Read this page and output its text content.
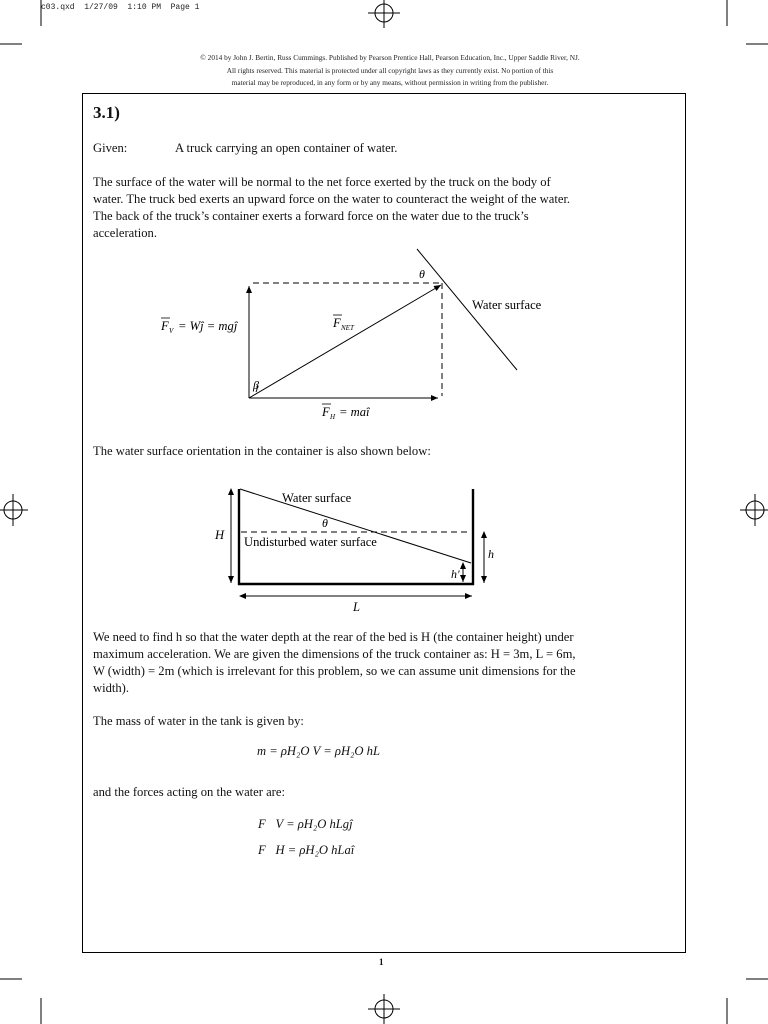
c03.qxd  1/27/09  1:10 PM  Page 1
© 2014 by John J. Bertin, Russ Cummings. Published by Pearson Prentice Hall, Pearson Education, Inc., Upper Saddle River, NJ.
All rights reserved. This material is protected under all copyright laws as they currently exist. No portion of this
material may be reproduced, in any form or by any means, without permission in writing from the publisher.
3.1)
Given:	A truck carrying an open container of water.
The surface of the water will be normal to the net force exerted by the truck on the body of
water. The truck bed exerts an upward force on the water to counteract the weight of the water.
The back of the truck’s container exerts a forward force on the water due to the truck’s
acceleration.
θ
β
Water surface
F V = Wĵ = mgĵ	F NET
F H = maî
The water surface orientation in the container is also shown below:
Water surface
θ
Undisturbed water surface
H
h
h'
L
We need to find h so that the water depth at the rear of the bed is H (the container height) under
maximum acceleration. We are given the dimensions of the truck container as: H = 3m, L = 6m,
W (width) = 2m (which is irrelevant for this problem, so we can assume unit dimensions for the
width).
The mass of water in the tank is given by:
m = ρH₂O V = ρH₂O hL
and the forces acting on the water are:
F⃗V = ρH₂O hLgĵ
F⃗H = ρH₂O hLaî
1
